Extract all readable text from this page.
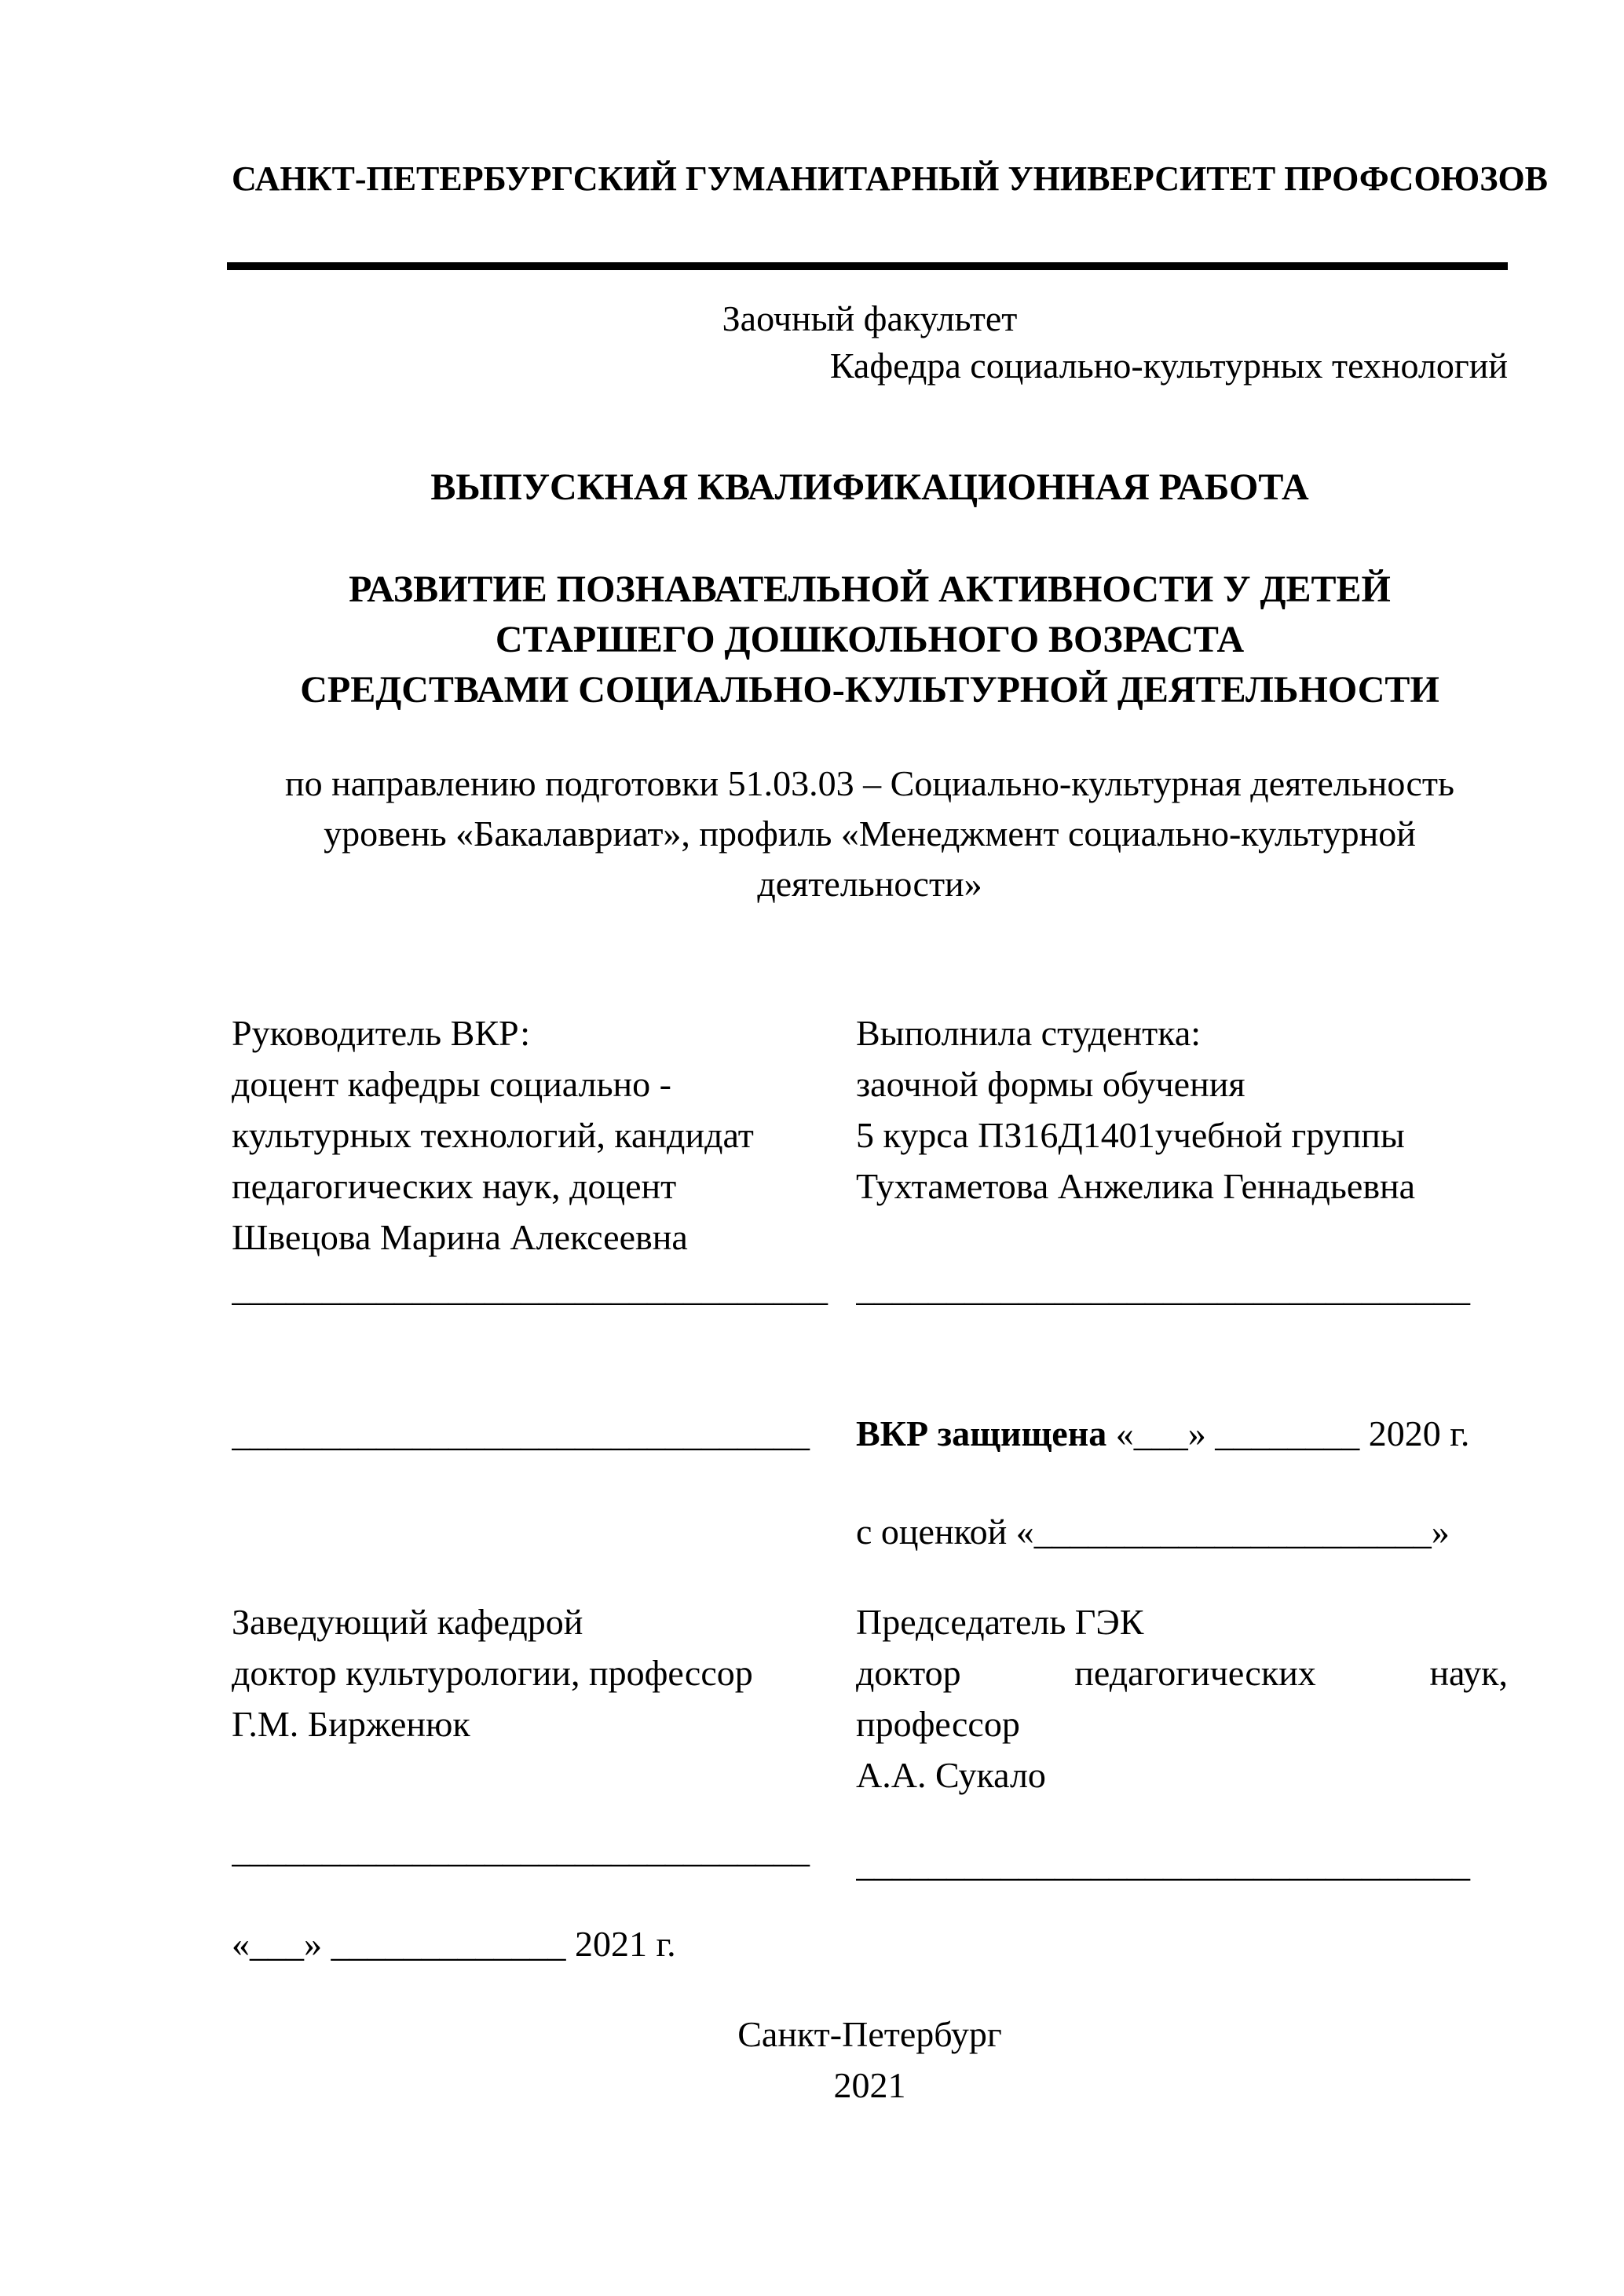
САНКТ-ПЕТЕРБУРГСКИЙ ГУМАНИТАРНЫЙ УНИВЕРСИТЕТ ПРОФСОЮЗОВ
Заочный факультет
Кафедра социально-культурных технологий
ВЫПУСКНАЯ КВАЛИФИКАЦИОННАЯ РАБОТА
РАЗВИТИЕ ПОЗНАВАТЕЛЬНОЙ АКТИВНОСТИ У ДЕТЕЙ
СТАРШЕГО ДОШКОЛЬНОГО ВОЗРАСТА
СРЕДСТВАМИ СОЦИАЛЬНО-КУЛЬТУРНОЙ ДЕЯТЕЛЬНОСТИ
по направлению подготовки 51.03.03 – Социально-культурная деятельность
уровень «Бакалавриат», профиль «Менеджмент социально-культурной
деятельности»
Руководитель ВКР:
доцент кафедры социально -
культурных технологий, кандидат
педагогических наук, доцент
Швецова Марина Алексеевна
Выполнила студентка:
заочной формы обучения
5 курса ПЗ16Д1401учебной группы
Тухтаметова Анжелика Геннадьевна
_________________________________ __________________________________
________________________________	ВКР защищена «___» ________ 2020 г.
с оценкой «______________________»
Заведующий кафедрой
доктор культурологии, профессор
Г.М. Бирженюк
Председатель ГЭК
доктор педагогических наук,
профессор
А.А. Сукало
________________________________	__________________________________
«___» _____________ 2021 г.
Санкт-Петербург
2021
